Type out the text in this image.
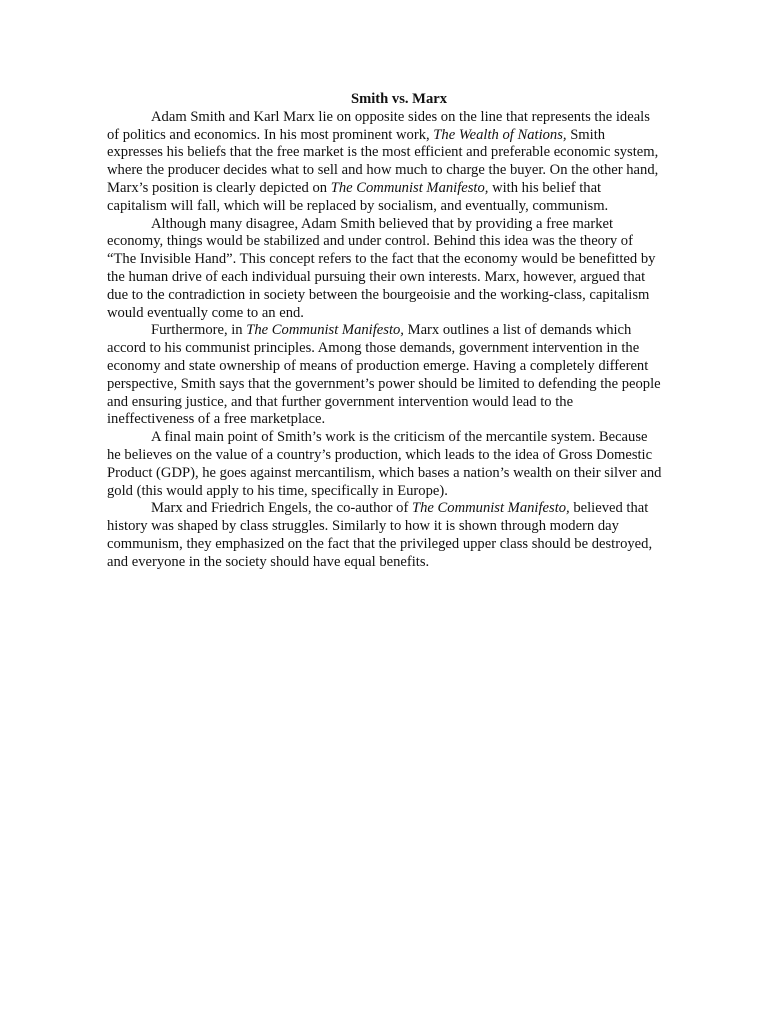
Smith vs. Marx

Adam Smith and Karl Marx lie on opposite sides on the line that represents the ideals of politics and economics. In his most prominent work, The Wealth of Nations, Smith expresses his beliefs that the free market is the most efficient and preferable economic system, where the producer decides what to sell and how much to charge the buyer. On the other hand, Marx’s position is clearly depicted on The Communist Manifesto, with his belief that capitalism will fall, which will be replaced by socialism, and eventually, communism.

Although many disagree, Adam Smith believed that by providing a free market economy, things would be stabilized and under control. Behind this idea was the theory of “The Invisible Hand”. This concept refers to the fact that the economy would be benefitted by the human drive of each individual pursuing their own interests. Marx, however, argued that due to the contradiction in society between the bourgeoisie and the working-class, capitalism would eventually come to an end.

Furthermore, in The Communist Manifesto, Marx outlines a list of demands which accord to his communist principles. Among those demands, government intervention in the economy and state ownership of means of production emerge. Having a completely different perspective, Smith says that the government’s power should be limited to defending the people and ensuring justice, and that further government intervention would lead to the ineffectiveness of a free marketplace.

A final main point of Smith’s work is the criticism of the mercantile system. Because he believes on the value of a country’s production, which leads to the idea of Gross Domestic Product (GDP), he goes against mercantilism, which bases a nation’s wealth on their silver and gold (this would apply to his time, specifically in Europe).

Marx and Friedrich Engels, the co-author of The Communist Manifesto, believed that history was shaped by class struggles. Similarly to how it is shown through modern day communism, they emphasized on the fact that the privileged upper class should be destroyed, and everyone in the society should have equal benefits.
